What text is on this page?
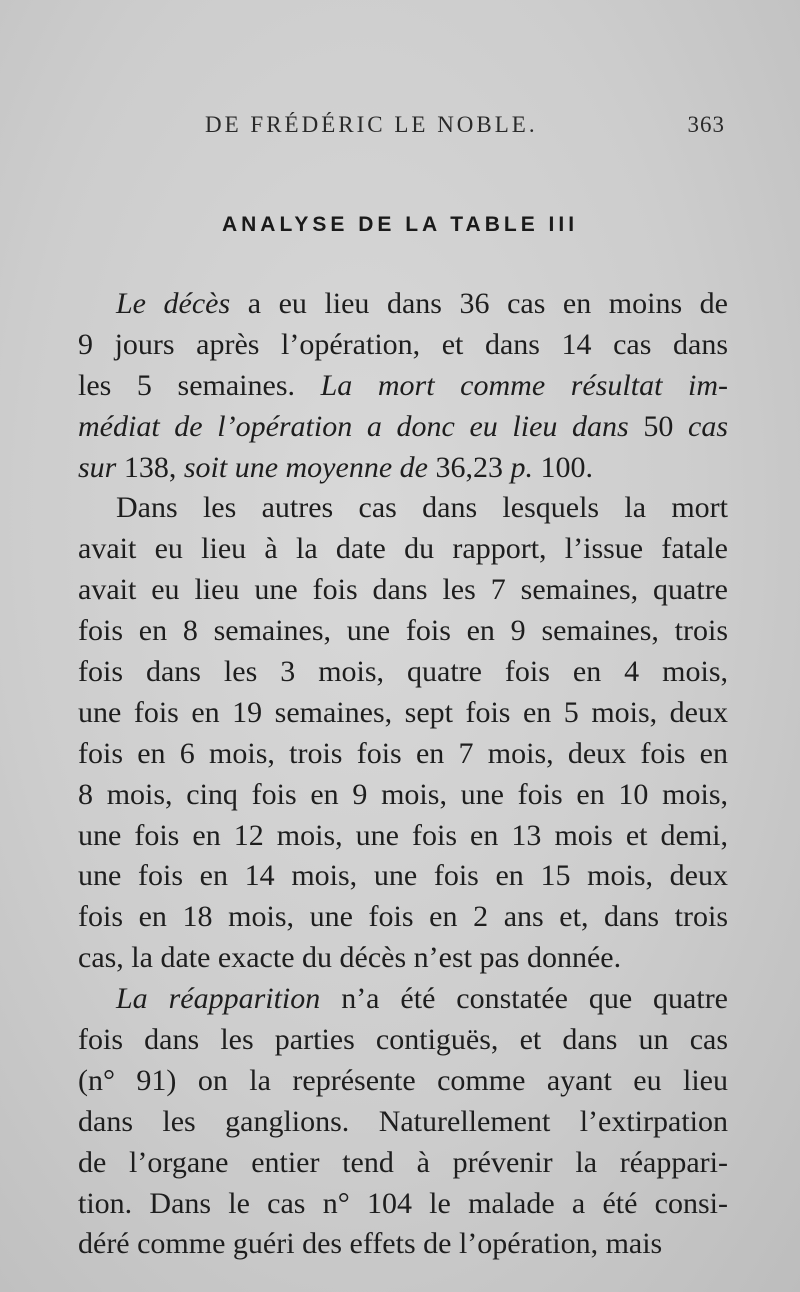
DE FRÉDÉRIC LE NOBLE.	363
ANALYSE DE LA TABLE III
Le décès a eu lieu dans 36 cas en moins de
9 jours après l’opération, et dans 14 cas dans
les 5 semaines. La mort comme résultat im-
médiat de l’opération a donc eu lieu dans 50 cas
sur 138, soit une moyenne de 36,23 p. 100.
Dans les autres cas dans lesquels la mort
avait eu lieu à la date du rapport, l’issue fatale
avait eu lieu une fois dans les 7 semaines, quatre
fois en 8 semaines, une fois en 9 semaines, trois
fois dans les 3 mois, quatre fois en 4 mois,
une fois en 19 semaines, sept fois en 5 mois, deux
fois en 6 mois, trois fois en 7 mois, deux fois en
8 mois, cinq fois en 9 mois, une fois en 10 mois,
une fois en 12 mois, une fois en 13 mois et demi,
une fois en 14 mois, une fois en 15 mois, deux
fois en 18 mois, une fois en 2 ans et, dans trois
cas, la date exacte du décès n’est pas donnée.
La réapparition n’a été constatée que quatre
fois dans les parties contiguës, et dans un cas
(n° 91) on la représente comme ayant eu lieu
dans les ganglions. Naturellement l’extirpation
de l’organe entier tend à prévenir la réappari-
tion. Dans le cas n° 104 le malade a été consi-
déré comme guéri des effets de l’opération, mais
